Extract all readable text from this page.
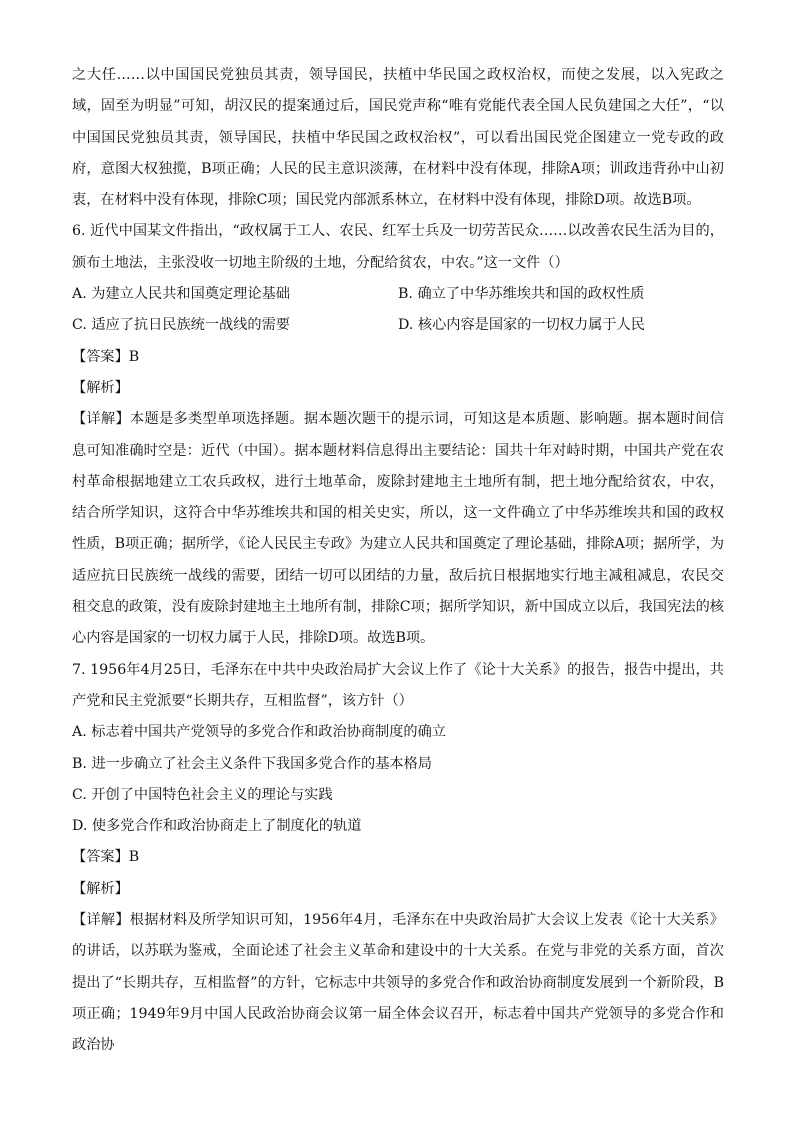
之大任……以中国国民党独员其责，领导国民，扶植中华民国之政权治权，而使之发展，以入宪政之域，固至为明显”可知，胡汉民的提案通过后，国民党声称“唯有党能代表全国人民负建国之大任”，“以中国国民党独员其责，领导国民，扶植中华民国之政权治权”，可以看出国民党企图建立一党专政的政府，意图大权独揽，B项正确；人民的民主意识淡薄，在材料中没有体现，排除A项；训政违背孙中山初衷，在材料中没有体现，排除C项；国民党内部派系林立，在材料中没有体现，排除D项。故选B项。

6. 近代中国某文件指出，“政权属于工人、农民、红军士兵及一切劳苦民众……以改善农民生活为目的，颁布土地法，主张没收一切地主阶级的土地，分配给贫农，中农。”这一文件（）

A. 为建立人民共和国奠定理论基础	B. 确立了中华苏维埃共和国的政权性质
C. 适应了抗日民族统一战线的需要	D. 核心内容是国家的一切权力属于人民

【答案】B

【解析】

【详解】本题是多类型单项选择题。据本题次题干的提示词，可知这是本质题、影响题。据本题时间信息可知准确时空是：近代（中国）。据本题材料信息得出主要结论：国共十年对峙时期，中国共产党在农村革命根据地建立工农兵政权，进行土地革命，废除封建地主土地所有制，把土地分配给贫农，中农，结合所学知识，这符合中华苏维埃共和国的相关史实，所以，这一文件确立了中华苏维埃共和国的政权性质，B项正确；据所学，《论人民民主专政》为建立人民共和国奠定了理论基础，排除A项；据所学，为适应抗日民族统一战线的需要，团结一切可以团结的力量，敌后抗日根据地实行地主减租减息，农民交租交息的政策，没有废除封建地主土地所有制，排除C项；据所学知识，新中国成立以后，我国宪法的核心内容是国家的一切权力属于人民，排除D项。故选B项。

7. 1956年4月25日，毛泽东在中共中央政治局扩大会议上作了《论十大关系》的报告，报告中提出，共产党和民主党派要“长期共存，互相监督”，该方针（）

A. 标志着中国共产党领导的多党合作和政治协商制度的确立

B. 进一步确立了社会主义条件下我国多党合作的基本格局

C. 开创了中国特色社会主义的理论与实践

D. 使多党合作和政治协商走上了制度化的轨道

【答案】B

【解析】

【详解】根据材料及所学知识可知，1956年4月，毛泽东在中央政治局扩大会议上发表《论十大关系》的讲话，以苏联为鉴戒，全面论述了社会主义革命和建设中的十大关系。在党与非党的关系方面，首次提出了“长期共存，互相监督”的方针，它标志中共领导的多党合作和政治协商制度发展到一个新阶段，B项正确；1949年9月中国人民政治协商会议第一届全体会议召开，标志着中国共产党领导的多党合作和政治协
